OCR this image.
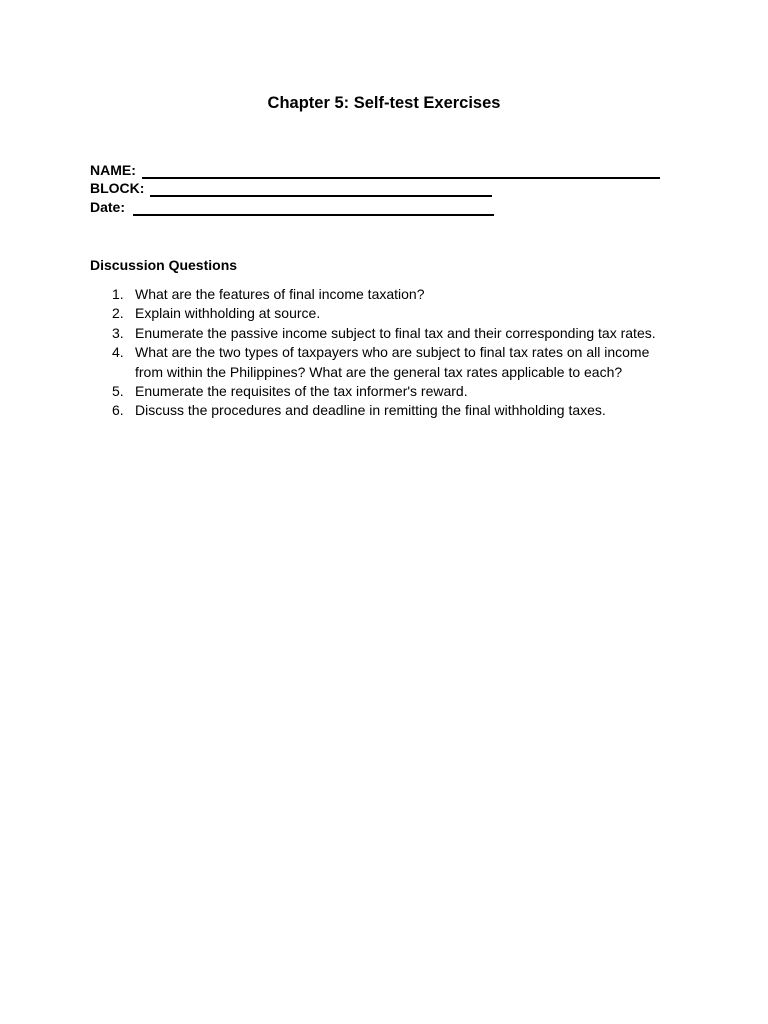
Chapter 5: Self-test Exercises
NAME:
BLOCK:
Date:
Discussion Questions
1. What are the features of final income taxation?
2. Explain withholding at source.
3. Enumerate the passive income subject to final tax and their corresponding tax rates.
4. What are the two types of taxpayers who are subject to final tax rates on all income from within the Philippines? What are the general tax rates applicable to each?
5. Enumerate the requisites of the tax informer's reward.
6. Discuss the procedures and deadline in remitting the final withholding taxes.
